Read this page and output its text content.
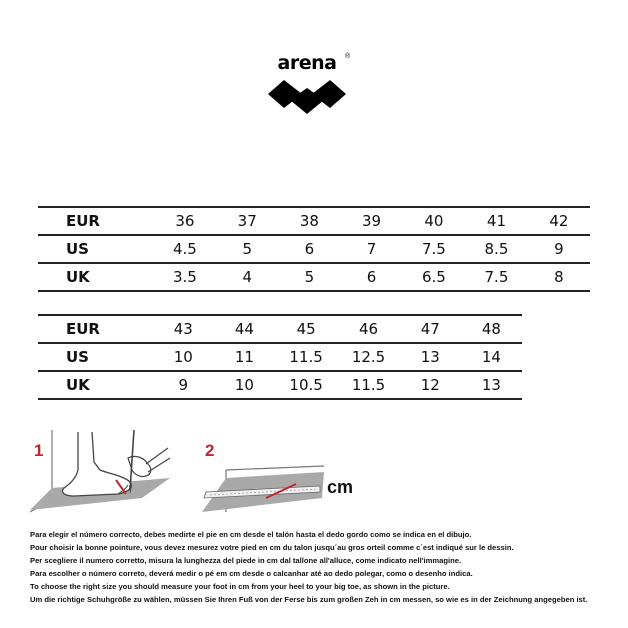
arena	®
EUR	36	37	38	39	40	41	42
US	4.5	5	6	7	7.5	8.5	9
UK	3.5	4	5	6	6.5	7.5	8
EUR	43	44	45	46	47	48
US	10	11	11.5	12.5	13	14
UK	9	10	10.5	11.5	12	13
1	2
cm
Para elegir el número correcto, debes medirte el pie en cm desde el talón hasta el dedo gordo como se indica en el dibujo.
Pour choisir la bonne pointure, vous devez mesurez votre pied en cm du talon jusqu´au gros orteil comme c´est indiqué sur le dessin.
Per scegliere il numero corretto, misura la lunghezza del piede in cm dal tallone all'alluce, come indicato nell'immagine.
Para escolher o número correto, deverá medir o pé em cm desde o calcanhar até ao dedo polegar, como o desenho indica.
To choose the right size you should measure your foot in cm from your heel to your big toe, as shown in the picture.
Um die richtige Schuhgröße zu wählen, müssen Sie Ihren Fuß von der Ferse bis zum großen Zeh in cm messen, so wie es in der Zeichnung angegeben ist.
